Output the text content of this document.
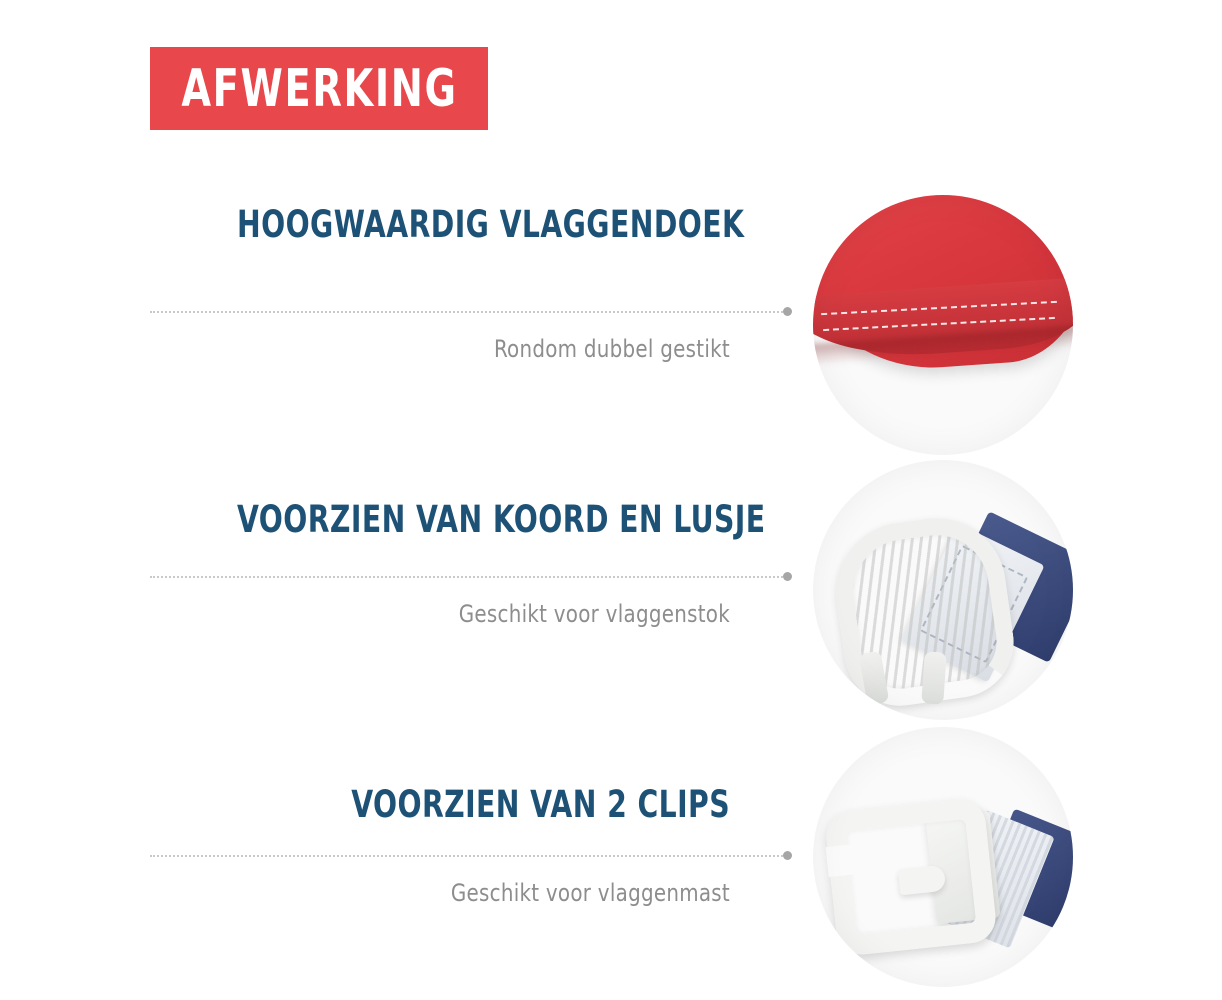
AFWERKING
HOOGWAARDIG VLAGGENDOEK

Rondom dubbel gestikt

VOORZIEN VAN KOORD EN LUSJE

Geschikt voor vlaggenstok

VOORZIEN VAN 2 CLIPS

Geschikt voor vlaggenmast
